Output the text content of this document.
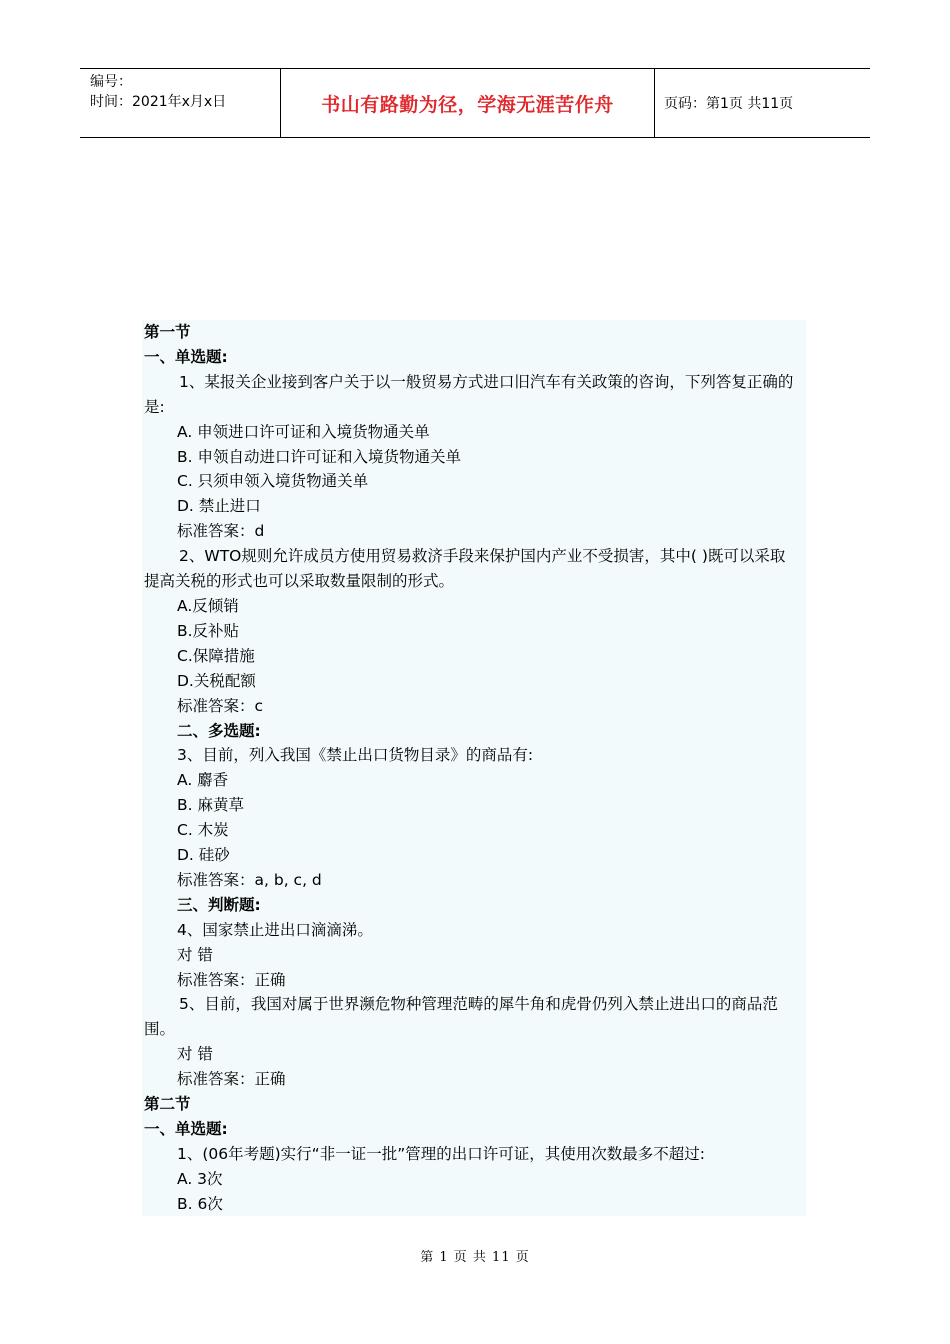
编号：
时间：2021年x月x日	书山有路勤为径，学海无涯苦作舟	页码：第1页 共11页
第一节
一、单选题:
1、某报关企业接到客户关于以一般贸易方式进口旧汽车有关政策的咨询，下列答复正确的是:
A. 申领进口许可证和入境货物通关单
B. 申领自动进口许可证和入境货物通关单
C. 只须申领入境货物通关单
D. 禁止进口
标准答案：d
2、WTO规则允许成员方使用贸易救济手段来保护国内产业不受损害，其中( )既可以采取提高关税的形式也可以采取数量限制的形式。
A.反倾销
B.反补贴
C.保障措施
D.关税配额
标准答案：c
二、多选题:
3、目前，列入我国《禁止出口货物目录》的商品有:
A. 麝香
B. 麻黄草
C. 木炭
D. 硅砂
标准答案：a, b, c, d
三、判断题:
4、国家禁止进出口滴滴涕。
对 错
标准答案：正确
5、目前，我国对属于世界濒危物种管理范畴的犀牛角和虎骨仍列入禁止进出口的商品范围。
对 错
标准答案：正确
第二节
一、单选题:
1、(06年考题)实行“非一证一批”管理的出口许可证，其使用次数最多不超过:
A. 3次
B. 6次
第 1 页 共 11 页
